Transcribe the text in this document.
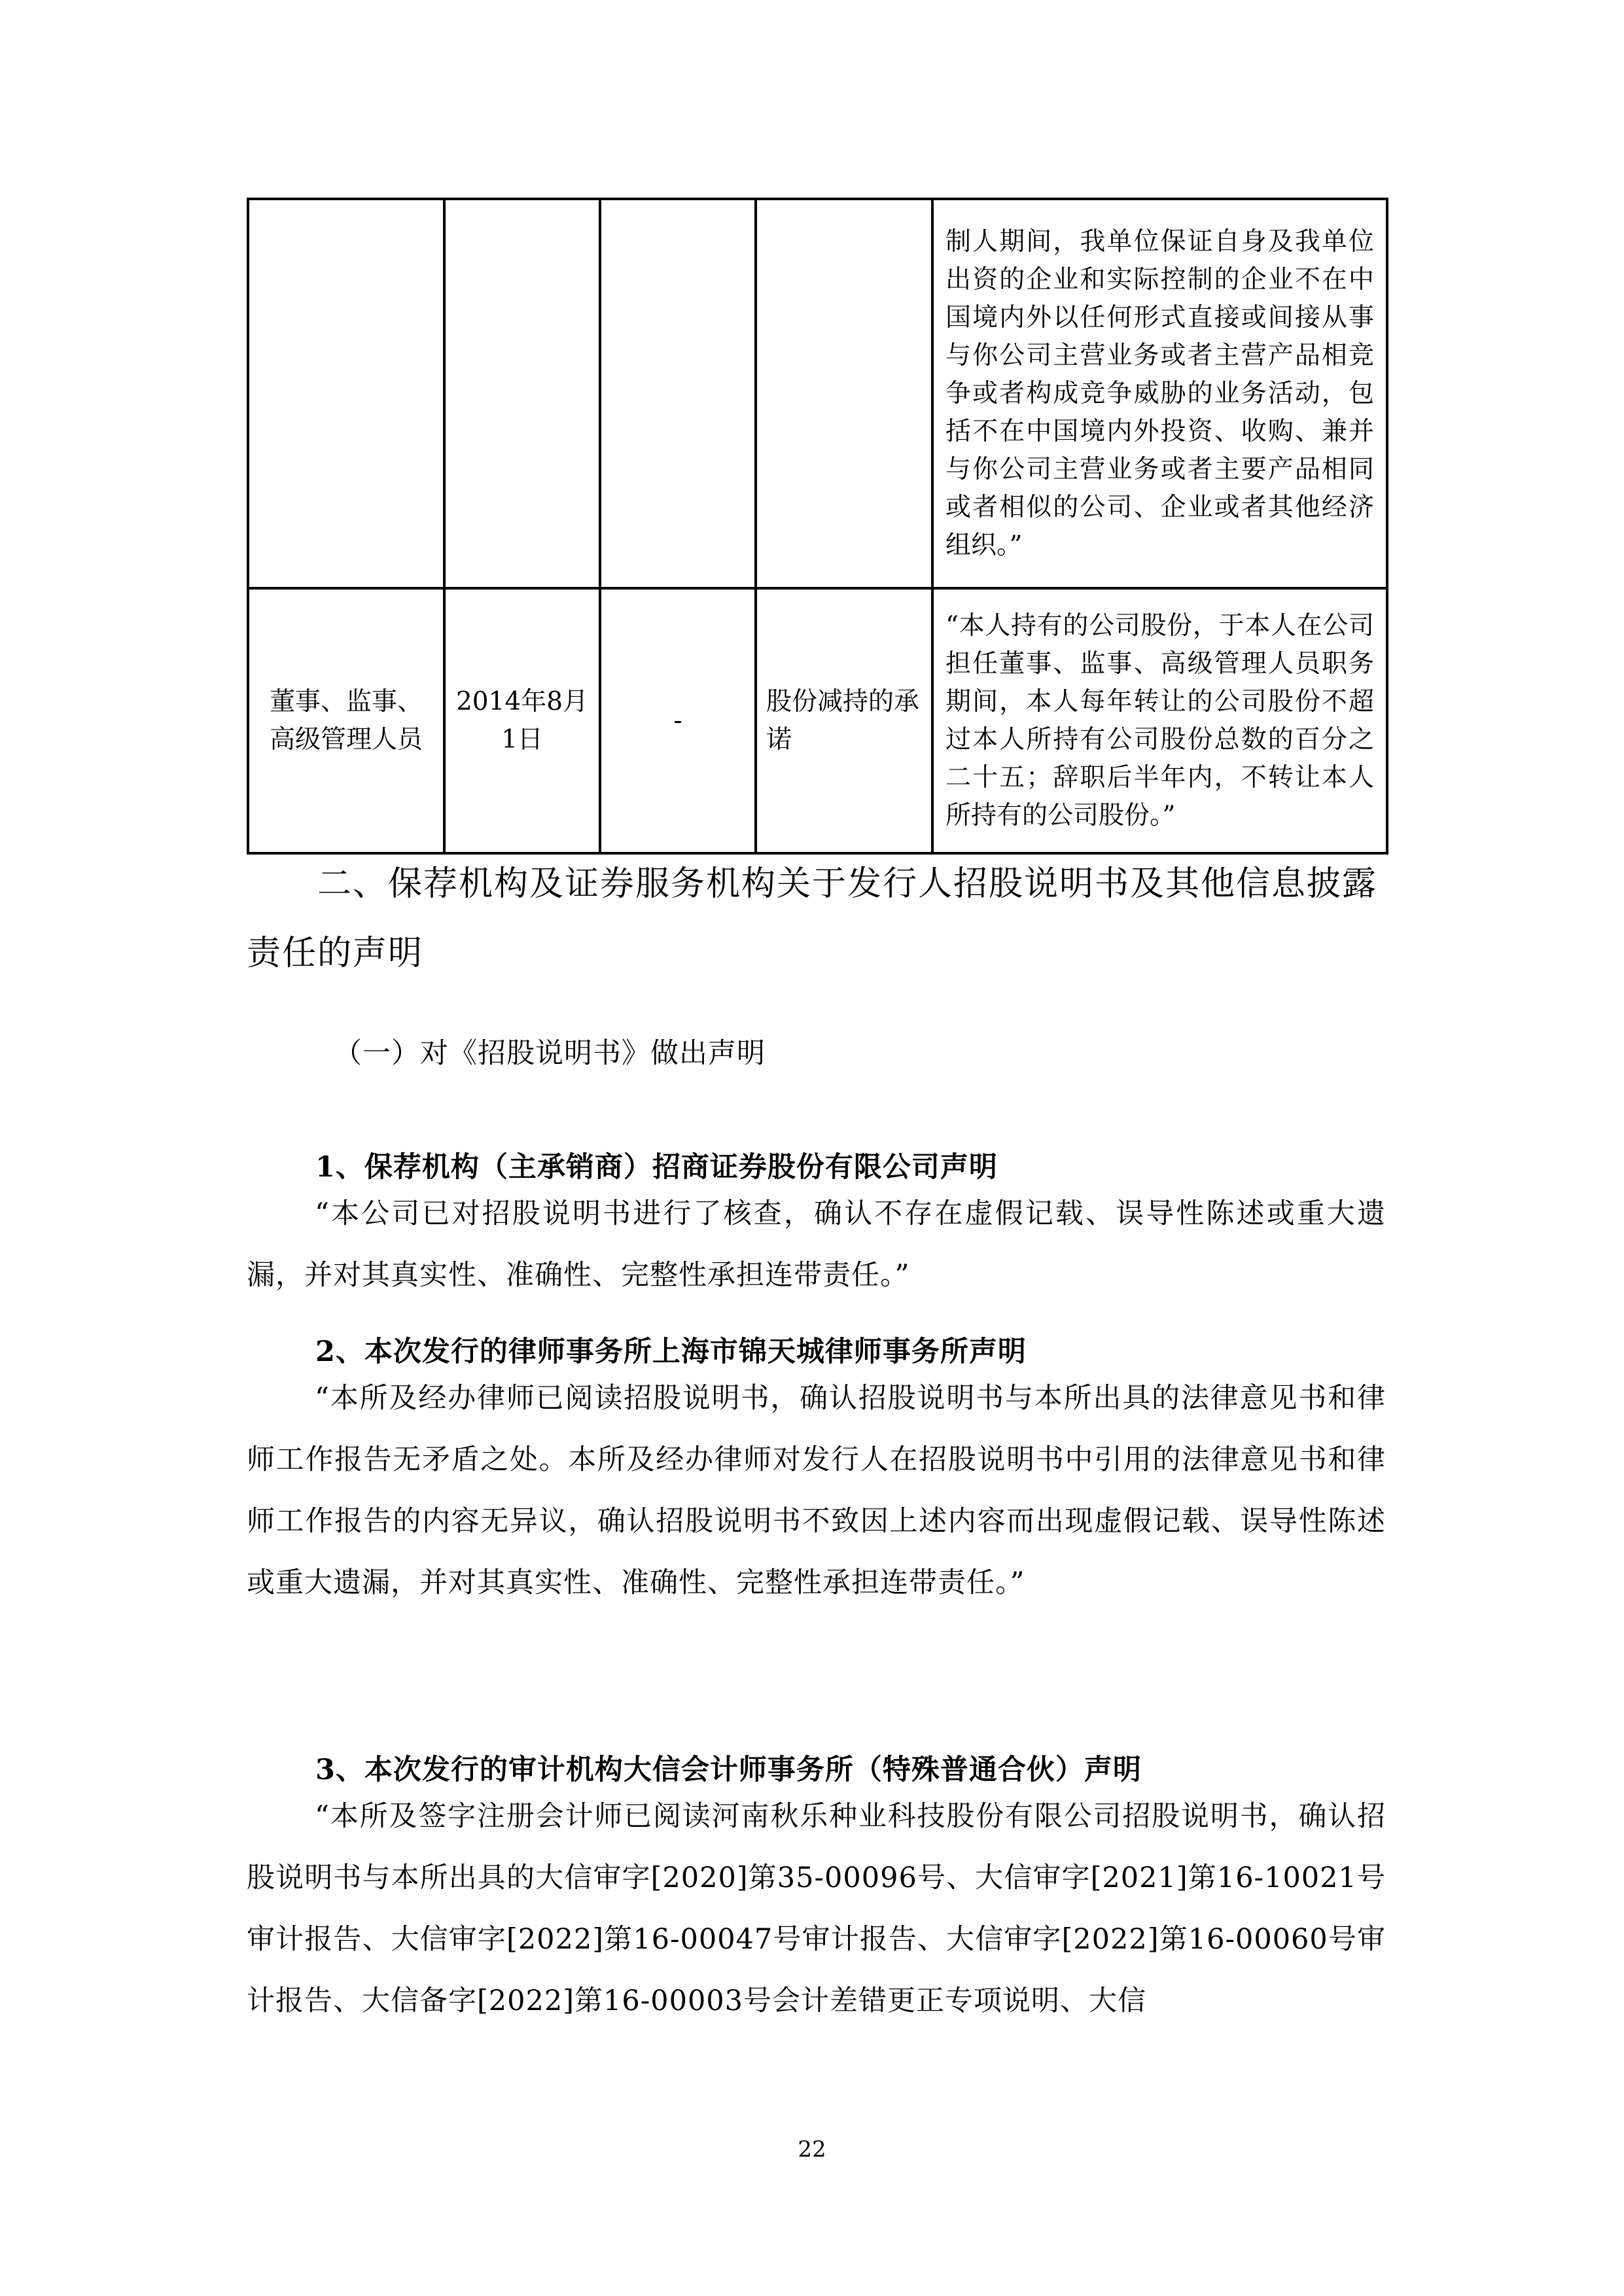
				制人期间，我单位保证自身及我单位出资的企业和实际控制的企业不在中国境内外以任何形式直接或间接从事与你公司主营业务或者主营产品相竞争或者构成竞争威胁的业务活动，包括不在中国境内外投资、收购、兼并与你公司主营业务或者主要产品相同或者相似的公司、企业或者其他经济组织。”

董事、监事、高级管理人员	2014年8月1日	-	股份减持的承诺	“本人持有的公司股份，于本人在公司担任董事、监事、高级管理人员职务期间，本人每年转让的公司股份不超过本人所持有公司股份总数的百分之二十五；辞职后半年内，不转让本人所持有的公司股份。”
二、保荐机构及证券服务机构关于发行人招股说明书及其他信息披露责任的声明
（一）对《招股说明书》做出声明
1、保荐机构（主承销商）招商证券股份有限公司声明
“本公司已对招股说明书进行了核查，确认不存在虚假记载、误导性陈述或重大遗漏，并对其真实性、准确性、完整性承担连带责任。”
2、本次发行的律师事务所上海市锦天城律师事务所声明
“本所及经办律师已阅读招股说明书，确认招股说明书与本所出具的法律意见书和律师工作报告无矛盾之处。本所及经办律师对发行人在招股说明书中引用的法律意见书和律师工作报告的内容无异议，确认招股说明书不致因上述内容而出现虚假记载、误导性陈述或重大遗漏，并对其真实性、准确性、完整性承担连带责任。”
3、本次发行的审计机构大信会计师事务所（特殊普通合伙）声明
“本所及签字注册会计师已阅读河南秋乐种业科技股份有限公司招股说明书，确认招股说明书与本所出具的大信审字[2020]第35-00096号、大信审字[2021]第16-10021号审计报告、大信审字[2022]第16-00047号审计报告、大信审字[2022]第16-00060号审计报告、大信备字[2022]第16-00003号会计差错更正专项说明、大信
22
